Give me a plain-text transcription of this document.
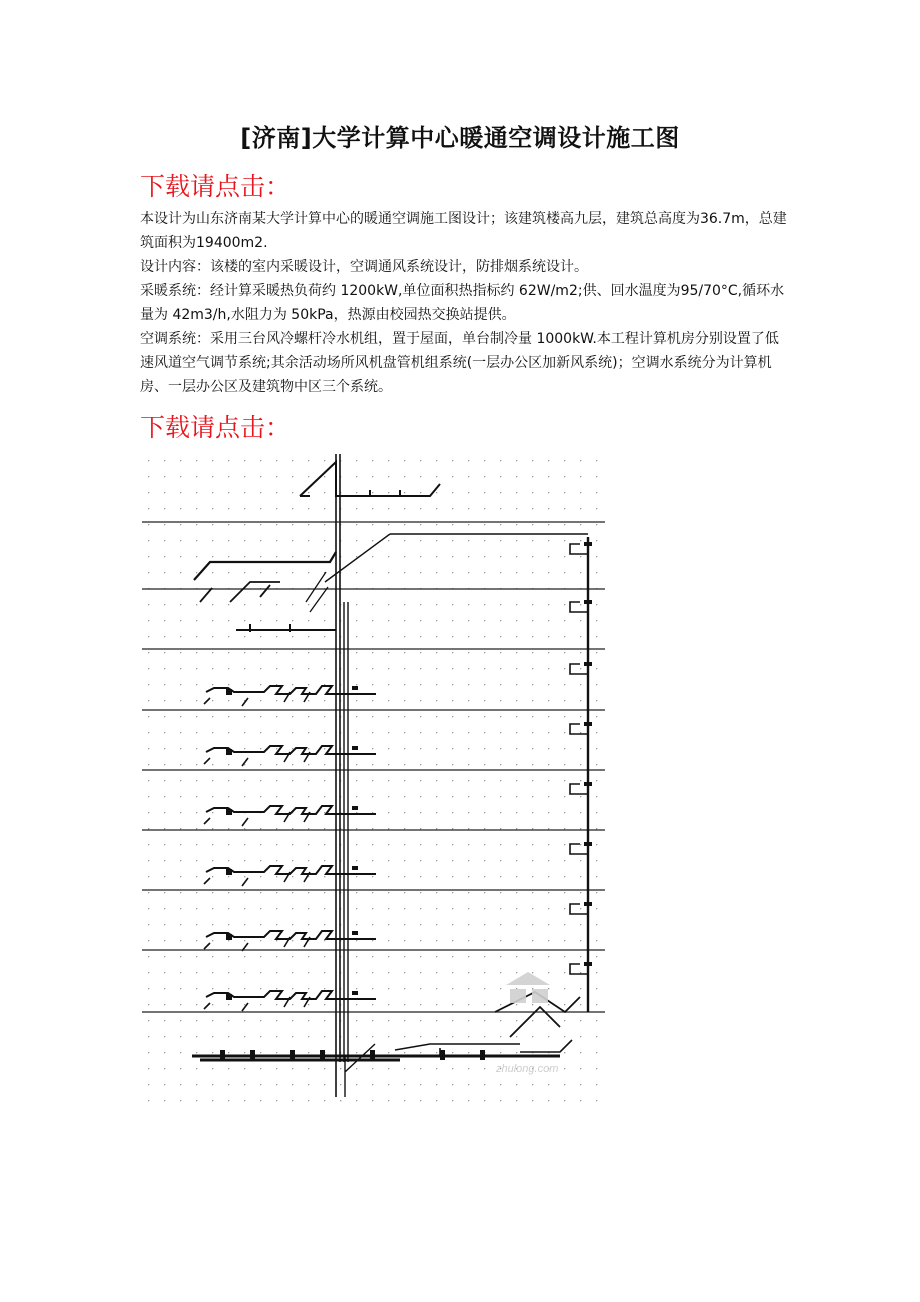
[济南]大学计算中心暖通空调设计施工图
下载请点击：

本设计为山东济南某大学计算中心的暖通空调施工图设计；该建筑楼高九层，建筑总高度为36.7m，总建筑面积为19400m2.

设计内容：该楼的室内采暖设计，空调通风系统设计，防排烟系统设计。

采暖系统：经计算采暖热负荷约 1200kW,单位面积热指标约 62W/m2;供、回水温度为95/70°C,循环水量为 42m3/h,水阻力为 50kPa，热源由校园热交换站提供。

空调系统：采用三台风冷螺杆冷水机组，置于屋面，单台制冷量 1000kW.本工程计算机房分别设置了低速风道空气调节系统;其余活动场所风机盘管机组系统(一层办公区加新风系统)；空调水系统分为计算机房、一层办公区及建筑物中区三个系统。

下载请点击：
zhulong.com
